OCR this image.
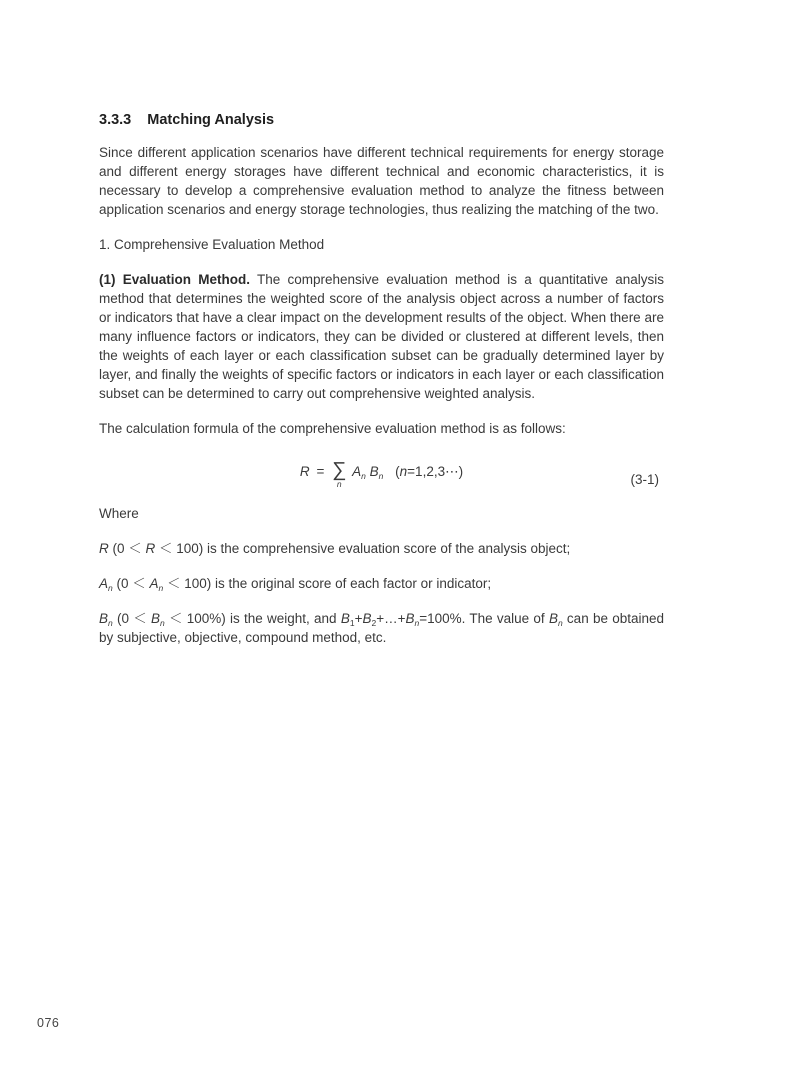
3.3.3 Matching Analysis

Since different application scenarios have different technical requirements for energy storage and different energy storages have different technical and economic characteristics, it is necessary to develop a comprehensive evaluation method to analyze the fitness between application scenarios and energy storage technologies, thus realizing the matching of the two.

1. Comprehensive Evaluation Method

(1) Evaluation Method. The comprehensive evaluation method is a quantitative analysis method that determines the weighted score of the analysis object across a number of factors or indicators that have a clear impact on the development results of the object. When there are many influence factors or indicators, they can be divided or clustered at different levels, then the weights of each layer or each classification subset can be gradually determined layer by layer, and finally the weights of specific factors or indicators in each layer or each classification subset can be determined to carry out comprehensive weighted analysis.

The calculation formula of the comprehensive evaluation method is as follows:

R = ∑
n
$A_n$ $B_n$ (n=1,2,3⋯)
(3-1)

Where

R (0 ＜ R ＜ 100) is the comprehensive evaluation score of the analysis object;

$A_n$ $(0 < A_n < 100)$ is the original score of each factor or indicator;

$B_n$ $(0 < B_n < 100\%)$ is the weight, and $B_1+B_2+\dots+B_n=100\%$. The value of $B_n$ can be obtained by subjective, objective, compound method, etc.

076
